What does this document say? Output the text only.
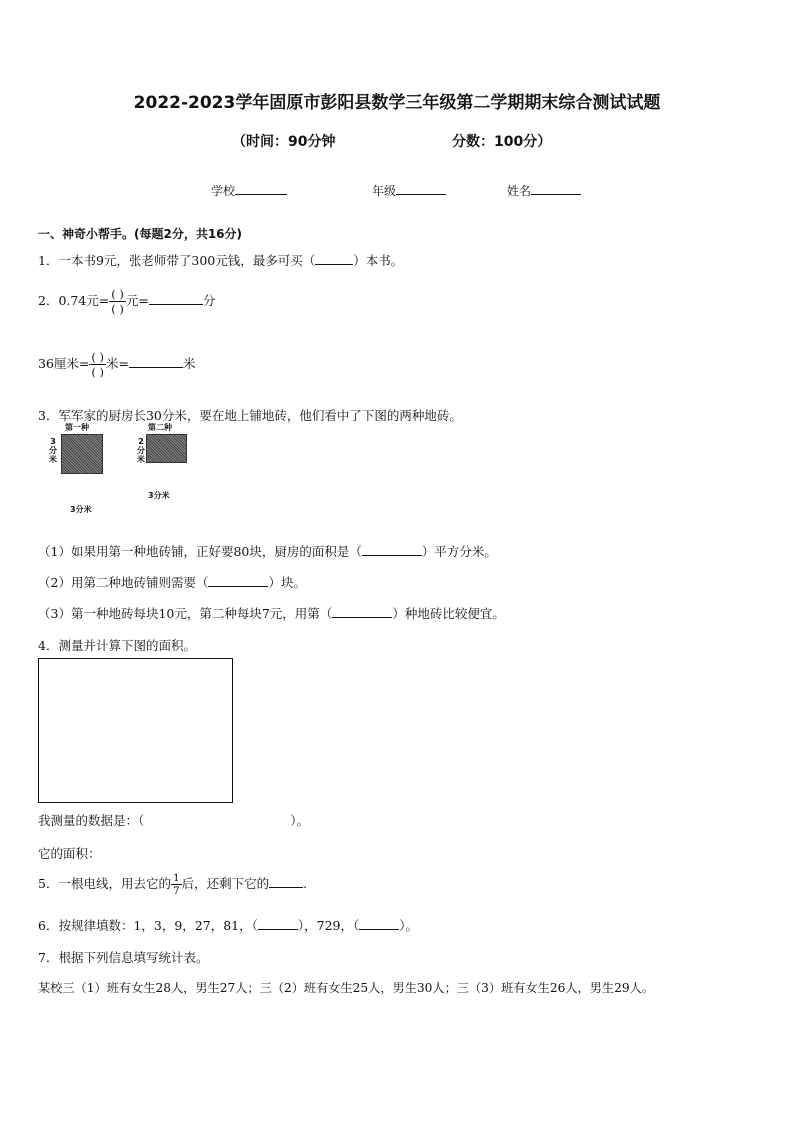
2022-2023学年固原市彭阳县数学三年级第二学期期末综合测试试题
（时间：90分钟	分数：100分）
学校	年级	姓名
一、神奇小帮手。(每题2分，共16分)
1．一本书9元，张老师带了300元钱，最多可买（	）本书。
2．0.74元= $\frac{( )}{( )}$ 元=	分
36厘米= $\frac{( )}{( )}$ 米=	米
3．军军家的厨房长30分米，要在地上铺地砖，他们看中了下图的两种地砖。
第一种
3
分
米
3分米
第二种
2
分
米
3分米
（1）如果用第一种地砖铺，正好要80块，厨房的面积是（	）平方分米。
（2）用第二种地砖铺则需要（	）块。
（3）第一种地砖每块10元，第二种每块7元，用第（	）种地砖比较便宜。
4．测量并计算下图的面积。
我测量的数据是：（	）。
它的面积：
5．一根电线，用去它的 $\frac{1}{7}$ 后，还剩下它的	.
6．按规律填数：1，3，9，27，81，（	），729，（	）。
7．根据下列信息填写统计表。
某校三（1）班有女生28人，男生27人；三（2）班有女生25人，男生30人；三（3）班有女生26人，男生29人。
